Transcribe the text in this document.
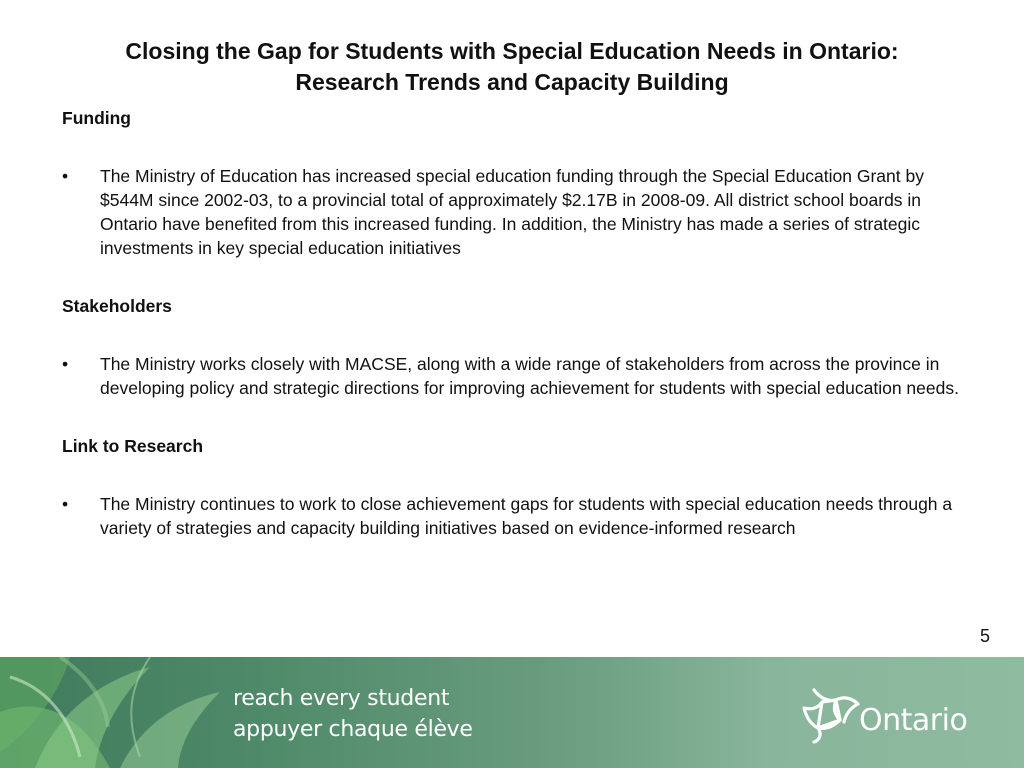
Closing the Gap for Students with Special Education Needs in Ontario:
Research Trends and Capacity Building

Funding

• The Ministry of Education has increased special education funding through the Special Education Grant by $544M since 2002-03, to a provincial total of approximately $2.17B in 2008-09. All district school boards in Ontario have benefited from this increased funding. In addition, the Ministry has made a series of strategic investments in key special education initiatives

Stakeholders

• The Ministry works closely with MACSE, along with a wide range of stakeholders from across the province in developing policy and strategic directions for improving achievement for students with special education needs.

Link to Research

• The Ministry continues to work to close achievement gaps for students with special education needs through a variety of strategies and capacity building initiatives based on evidence-informed research

5
reach every student
appuyer chaque élève	Ontario
